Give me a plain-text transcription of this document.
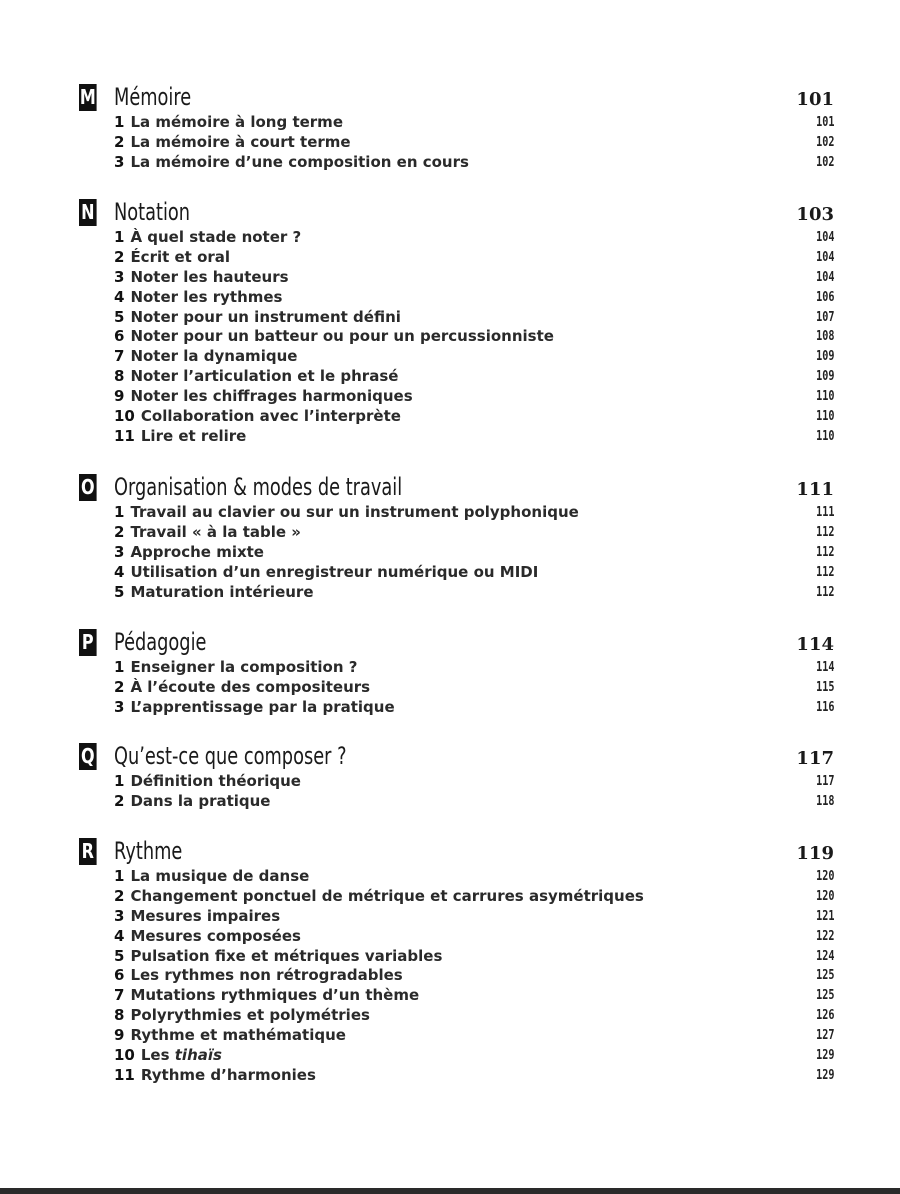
M Mémoire	101
1 La mémoire à long terme	101
2 La mémoire à court terme	102
3 La mémoire d’une composition en cours	102
N Notation	103
1 À quel stade noter ?	104
2 Écrit et oral	104
3 Noter les hauteurs	104
4 Noter les rythmes	106
5 Noter pour un instrument défini	107
6 Noter pour un batteur ou pour un percussionniste	108
7 Noter la dynamique	109
8 Noter l’articulation et le phrasé	109
9 Noter les chiffrages harmoniques	110
10 Collaboration avec l’interprète	110
11 Lire et relire	110
O Organisation & modes de travail	111
1 Travail au clavier ou sur un instrument polyphonique	111
2 Travail « à la table »	112
3 Approche mixte	112
4 Utilisation d’un enregistreur numérique ou MIDI	112
5 Maturation intérieure	112
P Pédagogie	114
1 Enseigner la composition ?	114
2 À l’écoute des compositeurs	115
3 L’apprentissage par la pratique	116
Q Qu’est-ce que composer ?	117
1 Définition théorique	117
2 Dans la pratique	118
R Rythme	119
1 La musique de danse	120
2 Changement ponctuel de métrique et carrures asymétriques	120
3 Mesures impaires	121
4 Mesures composées	122
5 Pulsation fixe et métriques variables	124
6 Les rythmes non rétrogradables	125
7 Mutations rythmiques d’un thème	125
8 Polyrythmies et polymétries	126
9 Rythme et mathématique	127
10 Les tihaïs	129
11 Rythme d’harmonies	129
